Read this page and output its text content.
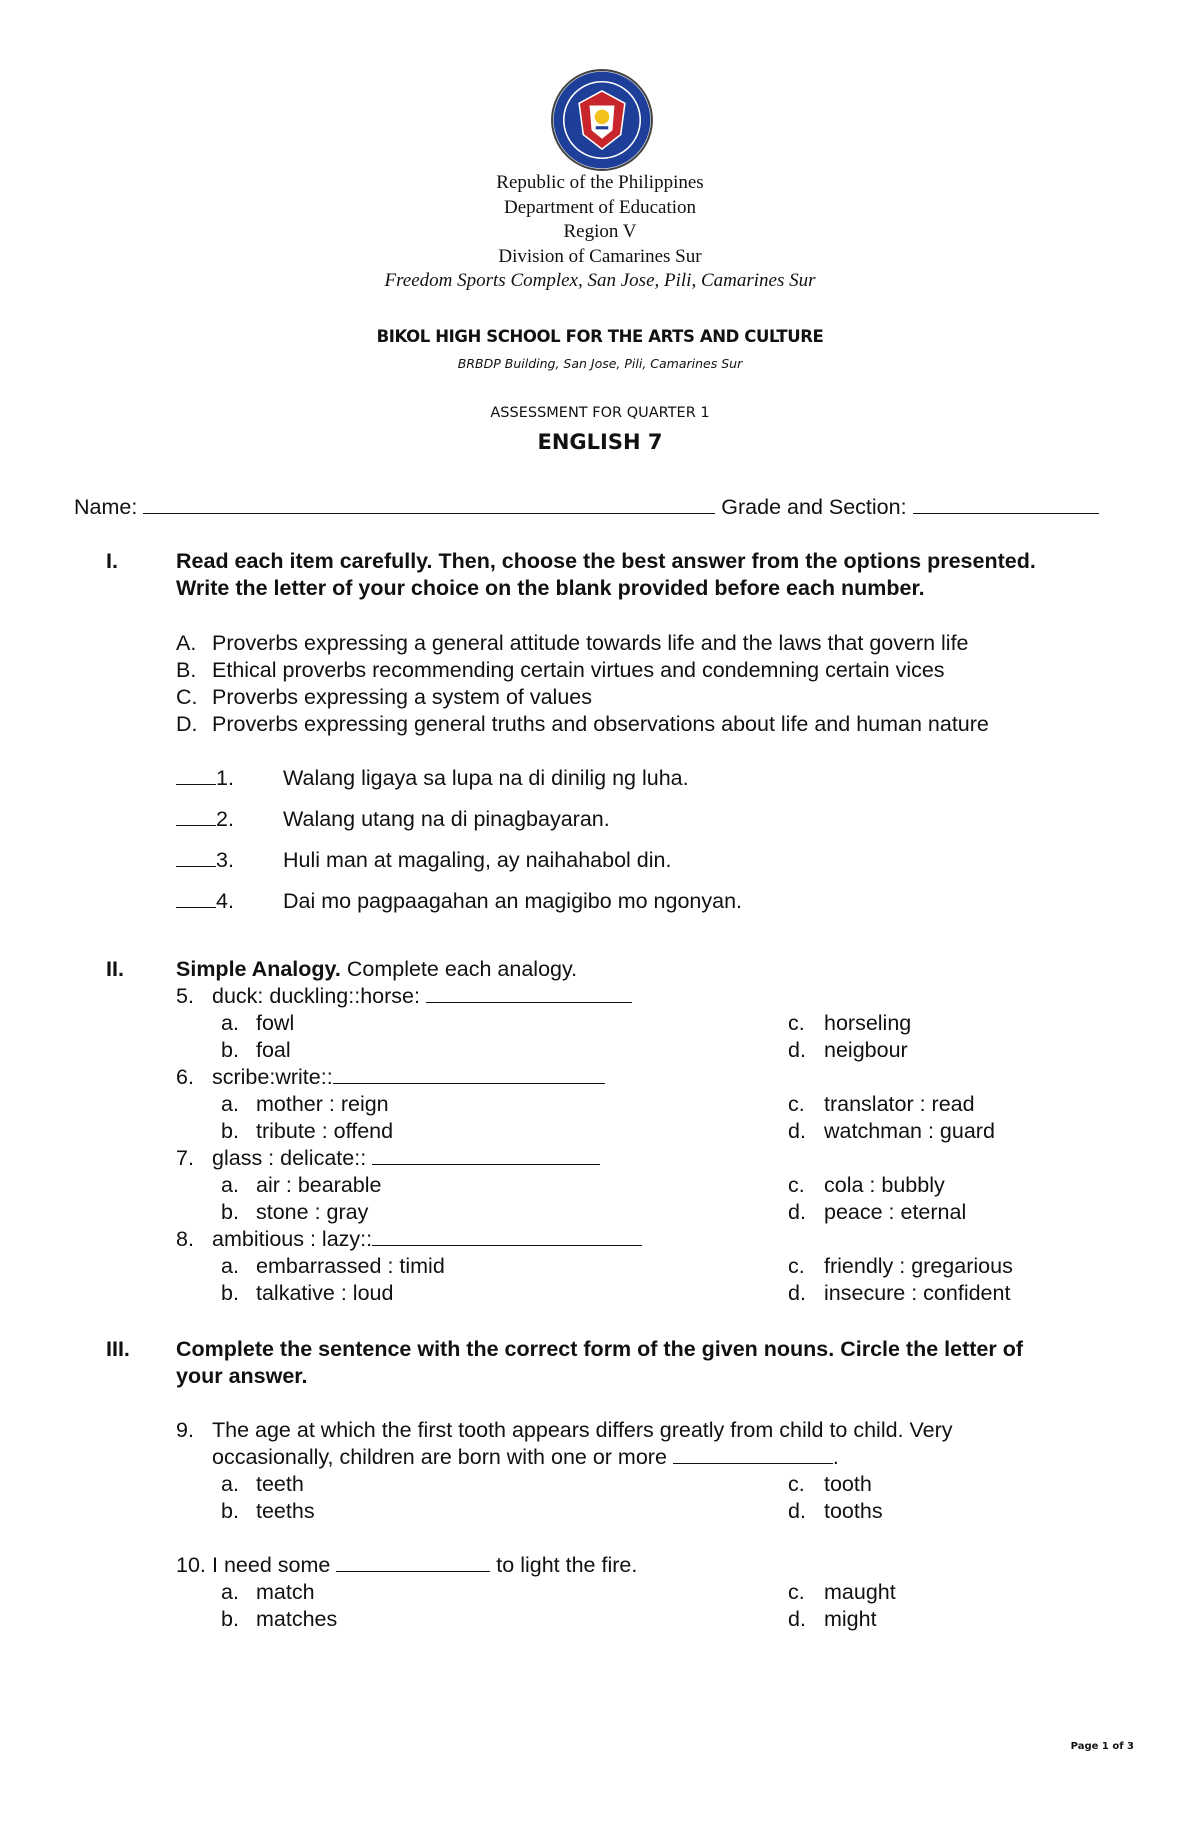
Republic of the Philippines
Department of Education
Region V
Division of Camarines Sur
Freedom Sports Complex, San Jose, Pili, Camarines Sur
BIKOL HIGH SCHOOL FOR THE ARTS AND CULTURE
BRBDP Building, San Jose, Pili, Camarines Sur
ASSESSMENT FOR QUARTER 1
ENGLISH 7
Name:	Grade and Section:
I.	Read each item carefully. Then, choose the best answer from the options presented.
Write the letter of your choice on the blank provided before each number.
A. Proverbs expressing a general attitude towards life and the laws that govern life
B. Ethical proverbs recommending certain virtues and condemning certain vices
C. Proverbs expressing a system of values
D. Proverbs expressing general truths and observations about life and human nature
1. Walang ligaya sa lupa na di dinilig ng luha.
2. Walang utang na di pinagbayaran.
3. Huli man at magaling, ay naihahabol din.
4. Dai mo pagpaagahan an magigibo mo ngonyan.
II. Simple Analogy. Complete each analogy.
5. duck: duckling::horse:
a. fowl	c. horseling
b. foal	d. neigbour
6. scribe:write::
a. mother : reign	c. translator : read
b. tribute : offend	d. watchman : guard
7. glass : delicate::
a. air : bearable	c. cola : bubbly
b. stone : gray	d. peace : eternal
8. ambitious : lazy::
a. embarrassed : timid	c. friendly : gregarious
b. talkative : loud	d. insecure : confident
III. Complete the sentence with the correct form of the given nouns. Circle the letter of
your answer.
9. The age at which the first tooth appears differs greatly from child to child. Very
occasionally, children are born with one or more	.
a. teeth	c. tooth
b. teeths	d. tooths
10. I need some	to light the fire.
a. match	c. maught
b. matches	d. might
Page 1 of 3
